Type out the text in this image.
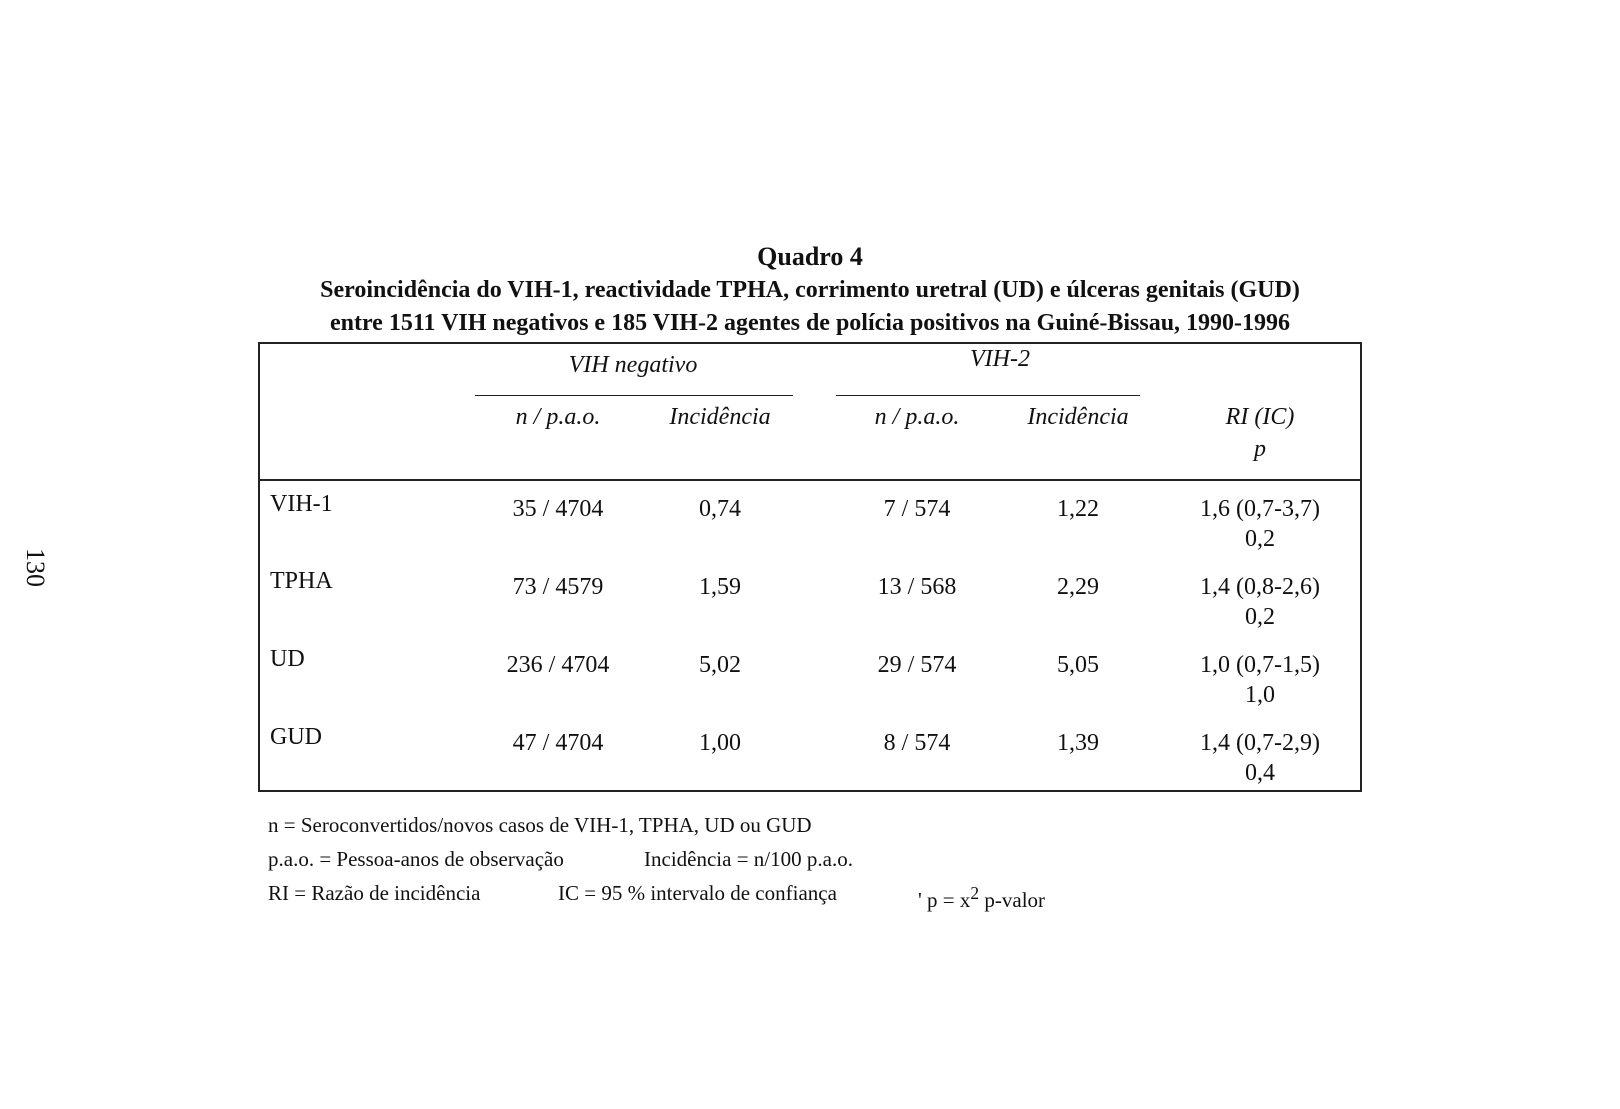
130
Quadro 4
Seroincidência do VIH-1, reactividade TPHA, corrimento uretral (UD) e úlceras genitais (GUD)
entre 1511 VIH negativos e 185 VIH-2 agentes de polícia positivos na Guiné-Bissau, 1990-1996
VIH negativo	VIH-2
n / p.a.o.	Incidência	n / p.a.o.	Incidência	RI (IC)
p
VIH-1	35 / 4704	0,74	7 / 574	1,22	1,6 (0,7-3,7)
0,2
TPHA	73 / 4579	1,59	13 / 568	2,29	1,4 (0,8-2,6)
0,2
UD	236 / 4704	5,02	29 / 574	5,05	1,0 (0,7-1,5)
1,0
GUD	47 / 4704	1,00	8 / 574	1,39	1,4 (0,7-2,9)
0,4
n = Seroconvertidos/novos casos de VIH-1, TPHA, UD ou GUD
p.a.o. = Pessoa-anos de observação	Incidência = n/100 p.a.o.
RI = Razão de incidência	IC = 95 % intervalo de confiança	' $p = x^2$ p-valor
